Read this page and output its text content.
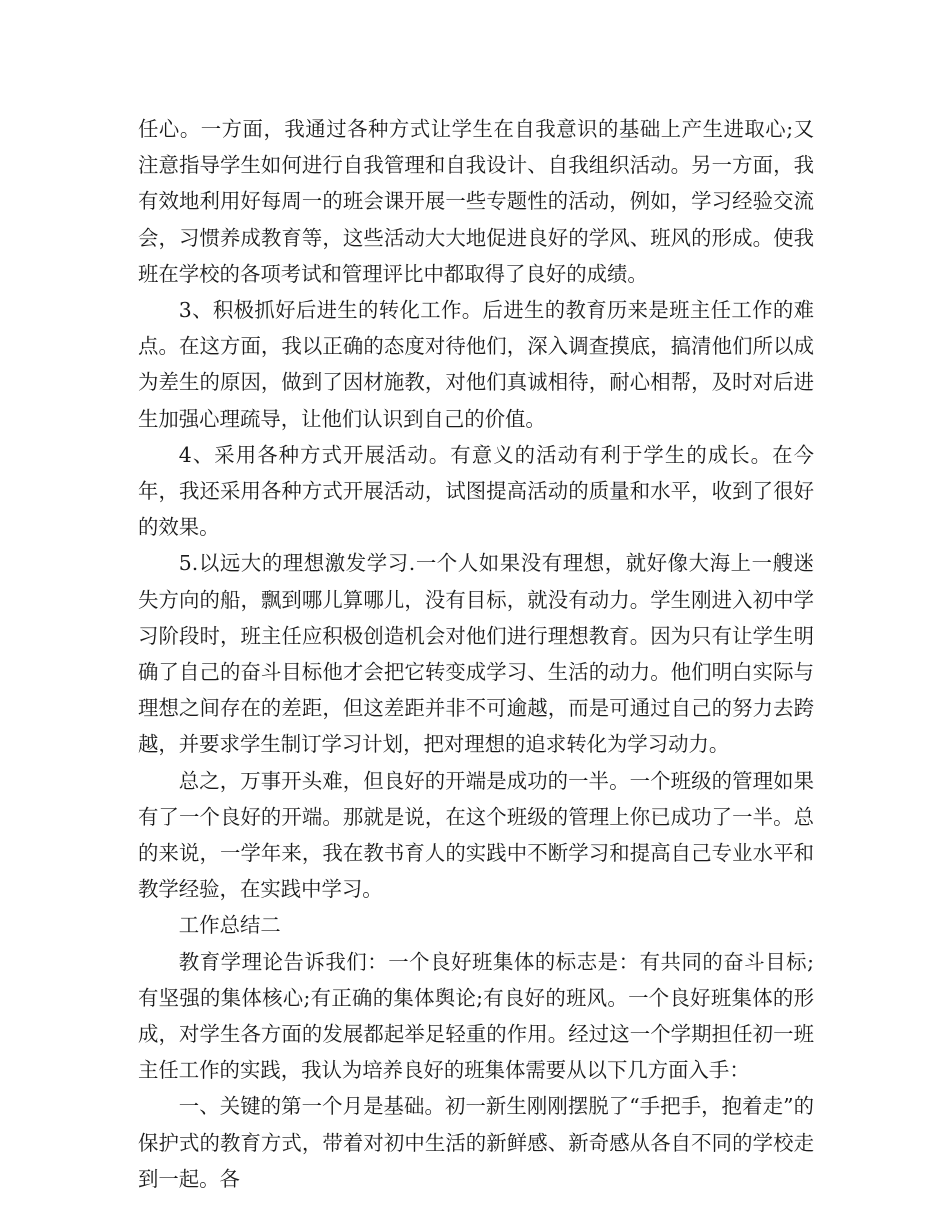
任心。一方面，我通过各种方式让学生在自我意识的基础上产生进取心;又注意指导学生如何进行自我管理和自我设计、自我组织活动。另一方面，我有效地利用好每周一的班会课开展一些专题性的活动，例如，学习经验交流会，习惯养成教育等，这些活动大大地促进良好的学风、班风的形成。使我班在学校的各项考试和管理评比中都取得了良好的成绩。

3、积极抓好后进生的转化工作。后进生的教育历来是班主任工作的难点。在这方面，我以正确的态度对待他们，深入调查摸底，搞清他们所以成为差生的原因，做到了因材施教，对他们真诚相待，耐心相帮，及时对后进生加强心理疏导，让他们认识到自己的价值。

4、采用各种方式开展活动。有意义的活动有利于学生的成长。在今年，我还采用各种方式开展活动，试图提高活动的质量和水平，收到了很好的效果。

5.以远大的理想激发学习.一个人如果没有理想，就好像大海上一艘迷失方向的船，飘到哪儿算哪儿，没有目标，就没有动力。学生刚进入初中学习阶段时，班主任应积极创造机会对他们进行理想教育。因为只有让学生明确了自己的奋斗目标他才会把它转变成学习、生活的动力。他们明白实际与理想之间存在的差距，但这差距并非不可逾越，而是可通过自己的努力去跨越，并要求学生制订学习计划，把对理想的追求转化为学习动力。

总之，万事开头难，但良好的开端是成功的一半。一个班级的管理如果有了一个良好的开端。那就是说，在这个班级的管理上你已成功了一半。总的来说，一学年来，我在教书育人的实践中不断学习和提高自己专业水平和教学经验，在实践中学习。

工作总结二

教育学理论告诉我们：一个良好班集体的标志是：有共同的奋斗目标;有坚强的集体核心;有正确的集体舆论;有良好的班风。一个良好班集体的形成，对学生各方面的发展都起举足轻重的作用。经过这一个学期担任初一班主任工作的实践，我认为培养良好的班集体需要从以下几方面入手：

一、关键的第一个月是基础。初一新生刚刚摆脱了“手把手，抱着走”的保护式的教育方式，带着对初中生活的新鲜感、新奇感从各自不同的学校走到一起。各
